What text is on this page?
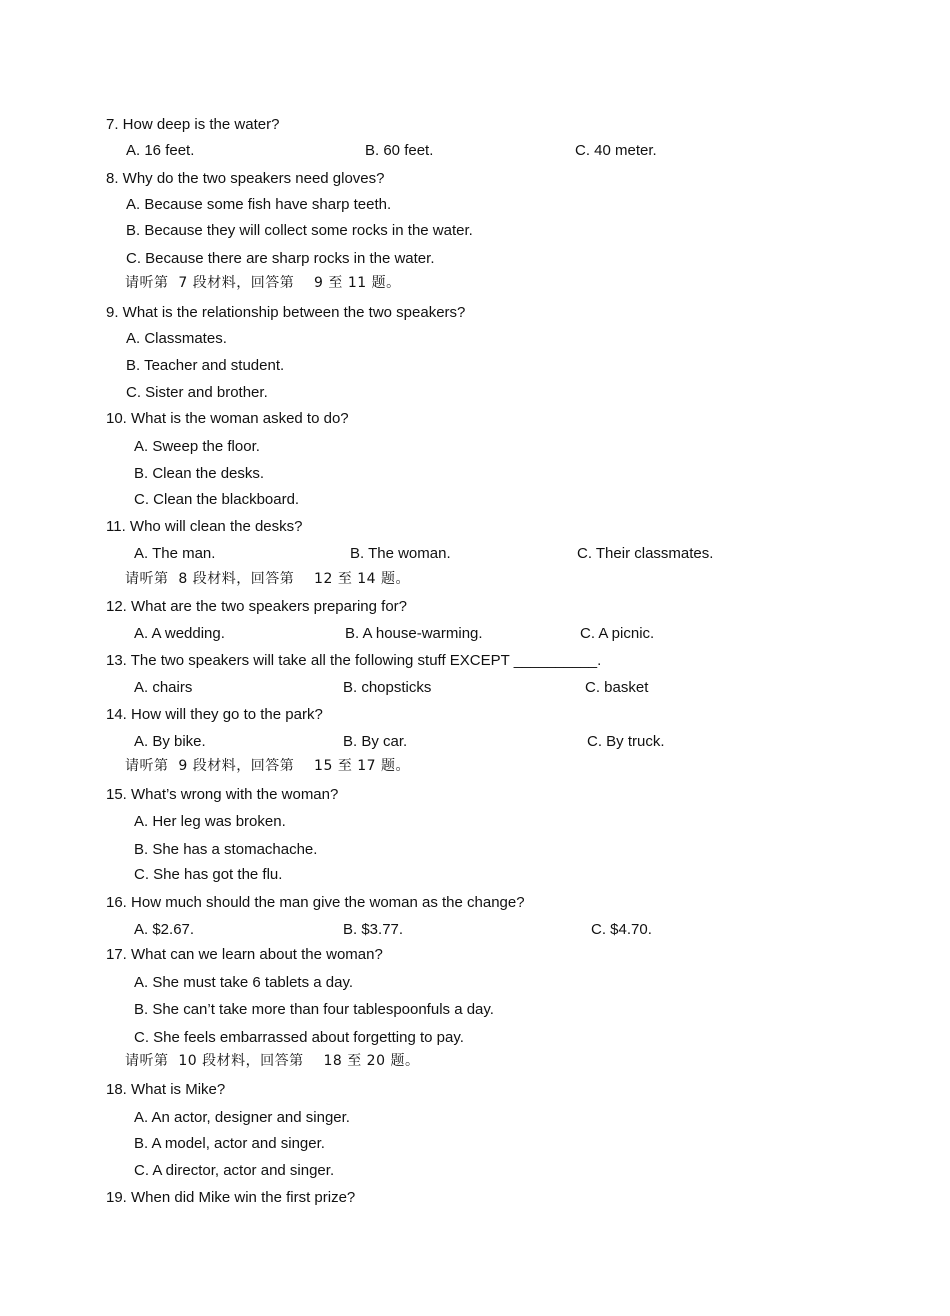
7. How deep is the water?
A. 16 feet.	B. 60 feet.	C. 40 meter.
8. Why do the two speakers need gloves?
A. Because some fish have sharp teeth.
B. Because they will collect some rocks in the water.
C. Because there are sharp rocks in the water.
请听第  7 段材料，回答第    9 至 11 题。
9. What is the relationship between the two speakers?
A. Classmates.
B. Teacher and student.
C. Sister and brother.
10. What is the woman asked to do?
A. Sweep the floor.
B. Clean the desks.
C. Clean the blackboard.
11. Who will clean the desks?
A. The man.	B. The woman.	C. Their classmates.
请听第  8 段材料，回答第    12 至 14 题。
12. What are the two speakers preparing for?
A. A wedding.	B. A house-warming.	C. A picnic.
13. The two speakers will take all the following stuff EXCEPT __________.
A. chairs	B. chopsticks	C. basket
14. How will they go to the park?
A. By bike.	B. By car.	C. By truck.
请听第  9 段材料，回答第    15 至 17 题。
15. What’s wrong with the woman?
A. Her leg was broken.
B. She has a stomachache.
C. She has got the flu.
16. How much should the man give the woman as the change?
A. $2.67.	B. $3.77.	C. $4.70.
17. What can we learn about the woman?
A. She must take 6 tablets a day.
B. She can’t take more than four tablespoonfuls a day.
C. She feels embarrassed about forgetting to pay.
请听第  10 段材料，回答第    18 至 20 题。
18. What is Mike?
A. An actor, designer and singer.
B. A model, actor and singer.
C. A director, actor and singer.
19. When did Mike win the first prize?
